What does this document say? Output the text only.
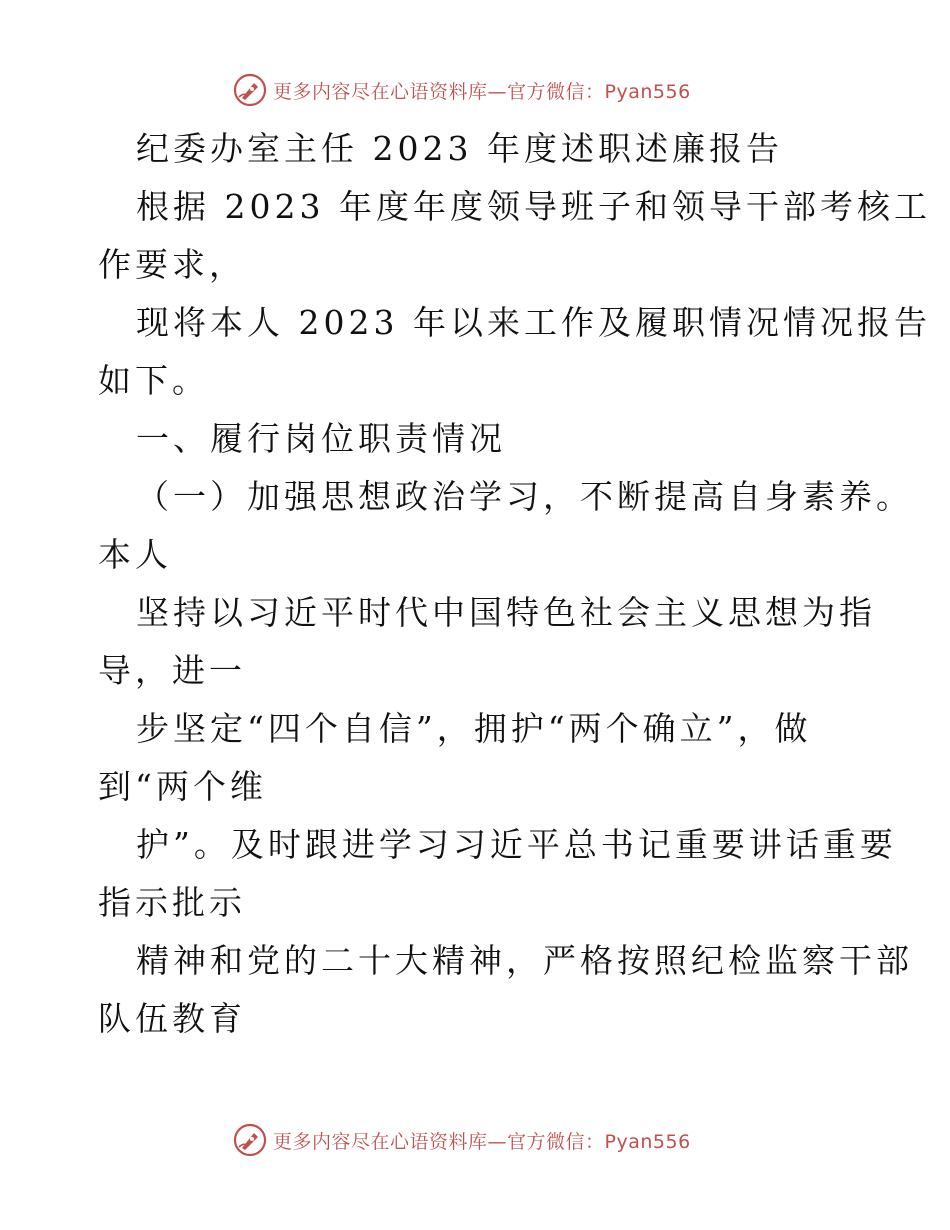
更多内容尽在心语资料库—官方微信：Pyan556
纪委办室主任 2023 年度述职述廉报告
根据 2023 年度年度领导班子和领导干部考核工
作要求，
现将本人 2023 年以来工作及履职情况情况报告
如下。
一、履行岗位职责情况
（一）加强思想政治学习，不断提高自身素养。
本人
坚持以习近平时代中国特色社会主义思想为指
导，进一
步坚定“四个自信”，拥护“两个确立”，做
到“两个维
护”。及时跟进学习习近平总书记重要讲话重要
指示批示
精神和党的二十大精神，严格按照纪检监察干部
队伍教育
更多内容尽在心语资料库—官方微信：Pyan556
